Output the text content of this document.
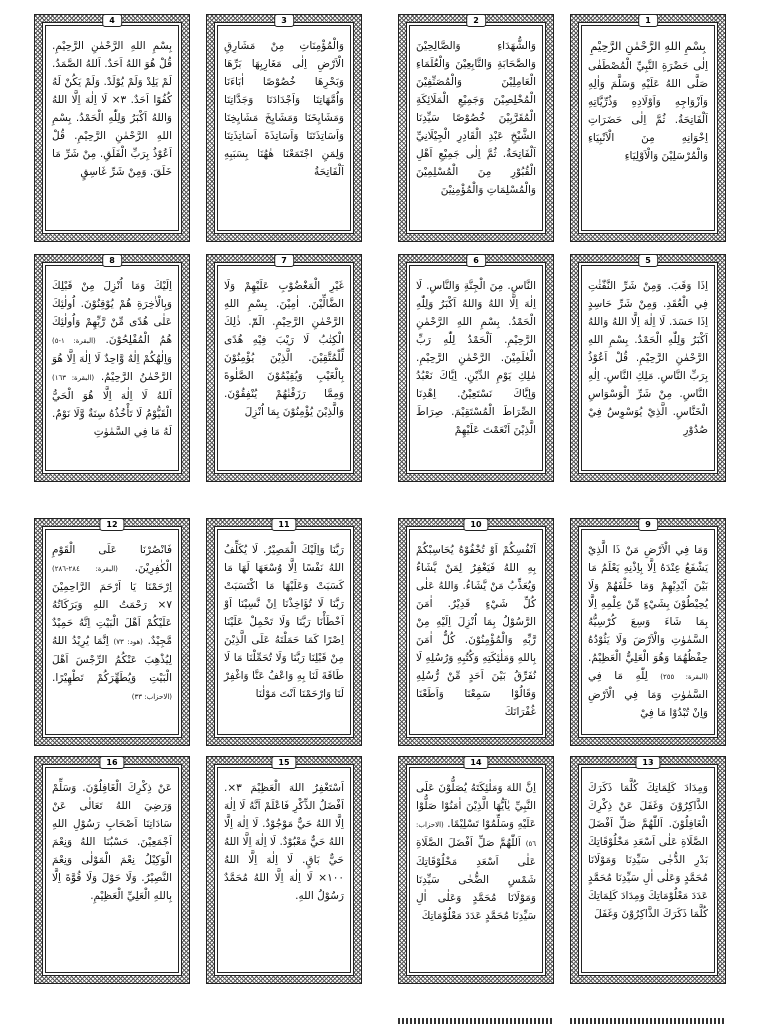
4
بِسْمِ اللهِ الرَّحْمٰنِ الرَّحِيْمِ. قُلْ هُوَ اللهُ اَحَدٌ. اَللهُ الصَّمَدُ. لَمْ يَلِدْ وَلَمْ يُوْلَدْ. وَلَمْ يَكُنْ لَهُ كُفُوًا اَحَدٌ. ٣× لَا اِلٰهَ اِلَّا اللهُ وَاللهُ اَكْبَرُ وَلِلّٰهِ الْحَمْدُ. بِسْمِ اللهِ الرَّحْمٰنِ الرَّحِيْمِ. قُلْ اَعُوْذُ بِرَبِّ الْفَلَقِ. مِنْ شَرِّ مَا خَلَقَ. وَمِنْ شَرِّ غَاسِقٍ
3
وَالْمُؤْمِنَاتِ مِنْ مَشَارِقِ الْاَرْضِ اِلٰى مَغَارِبِهَا بَرِّهَا وَبَحْرِهَا خُصُوْصًا اٰبَاءَنَا وَاُمَّهَاتِنَا وَاَجْدَادَنَا وَجَدَّاتِنَا وَمَشَايِخَنَا وَمَشَايِخَ مَشَايِخِنَا وَاَسَاتِذَتَنَا وَاَسَاتِذَةَ اَسَاتِذَتِنَا وَلِمَنِ اجْتَمَعْنَا هٰهُنَا بِسَبَبِهِ اَلْفَاتِحَةُ
2
وَالشُّهَدَاءِ وَالصَّالِحِيْنَ وَالصَّحَابَةِ وَالتَّابِعِيْنَ وَالْعُلَمَاءِ الْعَامِلِيْنَ وَالْمُصَنِّفِيْنَ الْمُخْلِصِيْنَ وَجَمِيْعِ الْمَلَائِكَةِ الْمُقَرَّبِيْنَ خُصُوْصًا سَيِّدِنَا الشَّيْخِ عَبْدِ الْقَادِرِ الْجِيْلَانِيِّ اَلْفَاتِحَةُ. ثُمَّ اِلٰى جَمِيْعِ اَهْلِ الْقُبُوْرِ مِنَ الْمُسْلِمِيْنَ وَالْمُسْلِمَاتِ وَالْمُؤْمِنِيْنَ
1
بِسْمِ اللهِ الرَّحْمٰنِ الرَّحِيْمِ
اِلٰى حَضْرَةِ النَّبِيِّ الْمُصْطَفٰى صَلَّى اللهُ عَلَيْهِ وَسَلَّمَ وَاٰلِهِ وَاَزْوَاجِهِ وَاَوْلَادِهِ وَذُرِّيَّاتِهِ اَلْفَاتِحَةُ. ثُمَّ اِلٰى حَضَرَاتِ اِخْوَانِهِ مِنَ الْاَنْبِيَاءِ وَالْمُرْسَلِيْنَ وَالْاَوْلِيَاءِ
8
اِلَيْكَ وَمَا اُنْزِلَ مِنْ قَبْلِكَ وَبِالْاٰخِرَةِ هُمْ يُوْقِنُوْنَ. اُولٰئِكَ عَلٰى هُدًى مِّنْ رَّبِّهِمْ وَاُولٰئِكَ هُمُ الْمُفْلِحُوْنَ. (البقرة: ١-٥) وَاِلٰهُكُمْ اِلٰهٌ وَّاحِدٌ لَا اِلٰهَ اِلَّا هُوَ الرَّحْمٰنُ الرَّحِيْمُ. (البقرة: ١٦٣) اَللهُ لَا اِلٰهَ اِلَّا هُوَ الْحَيُّ الْقَيُّوْمُ لَا تَأْخُذُهُ سِنَةٌ وَّلَا نَوْمٌ. لَهُ مَا فِي السَّمٰوٰتِ
7
غَيْرِ الْمَغْضُوْبِ عَلَيْهِمْ وَلَا الضَّالِّيْنَ. اٰمِيْنَ. بِسْمِ اللهِ الرَّحْمٰنِ الرَّحِيْمِ. الٓمّٓ. ذٰلِكَ الْكِتٰبُ لَا رَيْبَ فِيْهِ هُدًى لِّلْمُتَّقِيْنَ. الَّذِيْنَ يُؤْمِنُوْنَ بِالْغَيْبِ وَيُقِيْمُوْنَ الصَّلٰوةَ وَمِمَّا رَزَقْنٰهُمْ يُنْفِقُوْنَ. وَالَّذِيْنَ يُؤْمِنُوْنَ بِمَا اُنْزِلَ
6
النَّاسِ. مِنَ الْجِنَّةِ وَالنَّاسِ. لَا اِلٰهَ اِلَّا اللهُ وَاللهُ اَكْبَرُ وَلِلّٰهِ الْحَمْدُ. بِسْمِ اللهِ الرَّحْمٰنِ الرَّحِيْمِ. اَلْحَمْدُ لِلّٰهِ رَبِّ الْعٰلَمِيْنَ. الرَّحْمٰنِ الرَّحِيْمِ. مٰلِكِ يَوْمِ الدِّيْنِ. اِيَّاكَ نَعْبُدُ وَاِيَّاكَ نَسْتَعِيْنُ. اِهْدِنَا الصِّرَاطَ الْمُسْتَقِيْمَ. صِرَاطَ الَّذِيْنَ اَنْعَمْتَ عَلَيْهِمْ
5
اِذَا وَقَبَ. وَمِنْ شَرِّ النَّفّٰثٰتِ فِي الْعُقَدِ. وَمِنْ شَرِّ حَاسِدٍ اِذَا حَسَدَ. لَا اِلٰهَ اِلَّا اللهُ وَاللهُ اَكْبَرُ وَلِلّٰهِ الْحَمْدُ. بِسْمِ اللهِ الرَّحْمٰنِ الرَّحِيْمِ. قُلْ اَعُوْذُ بِرَبِّ النَّاسِ. مَلِكِ النَّاسِ. اِلٰهِ النَّاسِ. مِنْ شَرِّ الْوَسْوَاسِ الْخَنَّاسِ. الَّذِيْ يُوَسْوِسُ فِيْ صُدُوْرِ
12
فَانْصُرْنَا عَلَى الْقَوْمِ الْكٰفِرِيْنَ. (البقرة: ٢٨٤-٢٨٦) اِرْحَمْنَا يَا اَرْحَمَ الرَّاحِمِيْنَ ٧× رَحْمَتُ اللهِ وَبَرَكَاتُهُ عَلَيْكُمْ اَهْلَ الْبَيْتِ اِنَّهُ حَمِيْدٌ مَّجِيْدٌ. (هود: ٧٣) اِنَّمَا يُرِيْدُ اللهُ لِيُذْهِبَ عَنْكُمُ الرِّجْسَ اَهْلَ الْبَيْتِ وَيُطَهِّرَكُمْ تَطْهِيْرًا. (الاحزاب: ٣٣)
11
رَبَّنَا وَاِلَيْكَ الْمَصِيْرُ. لَا يُكَلِّفُ اللهُ نَفْسًا اِلَّا وُسْعَهَا لَهَا مَا كَسَبَتْ وَعَلَيْهَا مَا اكْتَسَبَتْ رَبَّنَا لَا تُؤَاخِذْنَا اِنْ نَّسِيْنَا اَوْ اَخْطَأْنَا رَبَّنَا وَلَا تَحْمِلْ عَلَيْنَا اِصْرًا كَمَا حَمَلْتَهُ عَلَى الَّذِيْنَ مِنْ قَبْلِنَا رَبَّنَا وَلَا تُحَمِّلْنَا مَا لَا طَاقَةَ لَنَا بِهِ وَاعْفُ عَنَّا وَاغْفِرْ لَنَا وَارْحَمْنَا اَنْتَ مَوْلٰنَا
10
اَنْفُسِكُمْ اَوْ تُخْفُوْهُ يُحَاسِبْكُمْ بِهِ اللهُ فَيَغْفِرُ لِمَنْ يَّشَاءُ وَيُعَذِّبُ مَنْ يَّشَاءُ. وَاللهُ عَلٰى كُلِّ شَيْءٍ قَدِيْرٌ. اٰمَنَ الرَّسُوْلُ بِمَا اُنْزِلَ اِلَيْهِ مِنْ رَّبِّهِ وَالْمُؤْمِنُوْنَ. كُلٌّ اٰمَنَ بِاللهِ وَمَلٰئِكَتِهِ وَكُتُبِهِ وَرُسُلِهِ لَا نُفَرِّقُ بَيْنَ اَحَدٍ مِّنْ رُّسُلِهِ وَقَالُوْا سَمِعْنَا وَاَطَعْنَا غُفْرَانَكَ
9
وَمَا فِي الْاَرْضِ مَنْ ذَا الَّذِيْ يَشْفَعُ عِنْدَهُ اِلَّا بِاِذْنِهِ يَعْلَمُ مَا بَيْنَ اَيْدِيْهِمْ وَمَا خَلْفَهُمْ وَلَا يُحِيْطُوْنَ بِشَيْءٍ مِّنْ عِلْمِهِ اِلَّا بِمَا شَاءَ وَسِعَ كُرْسِيُّهُ السَّمٰوٰتِ وَالْاَرْضَ وَلَا يَئُوْدُهُ حِفْظُهُمَا وَهُوَ الْعَلِيُّ الْعَظِيْمُ. (البقرة: ٢٥٥) لِلّٰهِ مَا فِي السَّمٰوٰتِ وَمَا فِي الْاَرْضِ وَاِنْ تُبْدُوْا مَا فِيْ
16
عَنْ ذِكْرِكَ الْغَافِلُوْنَ. وَسَلِّمْ وَرَضِيَ اللهُ تَعَالٰى عَنْ سَادَاتِنَا اَصْحَابِ رَسُوْلِ اللهِ اَجْمَعِيْنَ. حَسْبُنَا اللهُ وَنِعْمَ الْوَكِيْلُ نِعْمَ الْمَوْلٰى وَنِعْمَ النَّصِيْرُ. وَلَا حَوْلَ وَلَا قُوَّةَ اِلَّا بِاللهِ الْعَلِيِّ الْعَظِيْمِ.
15
اَسْتَغْفِرُ اللهَ الْعَظِيْمَ ٣×. اَفْضَلُ الذِّكْرِ فَاعْلَمْ اَنَّهُ لَا اِلٰهَ اِلَّا اللهُ حَيٌّ مَوْجُوْدٌ. لَا اِلٰهَ اِلَّا اللهُ حَيٌّ مَعْبُوْدٌ. لَا اِلٰهَ اِلَّا اللهُ حَيٌّ بَاقٍ. لَا اِلٰهَ اِلَّا اللهُ ١٠٠× لَا اِلٰهَ اِلَّا اللهُ مُحَمَّدٌ رَسُوْلُ اللهِ.
14
اِنَّ اللهَ وَمَلٰئِكَتَهُ يُصَلُّوْنَ عَلَى النَّبِيِّ يٰاَيُّهَا الَّذِيْنَ اٰمَنُوْا صَلُّوْا عَلَيْهِ وَسَلِّمُوْا تَسْلِيْمًا. (الاحزاب: ٥٦) اَللّٰهُمَّ صَلِّ اَفْضَلَ الصَّلَاةِ عَلٰى اَسْعَدِ مَخْلُوْقَاتِكَ شَمْسِ الضُّحٰى سَيِّدِنَا وَمَوْلَانَا مُحَمَّدٍ وَعَلٰى اٰلِ سَيِّدِنَا مُحَمَّدٍ عَدَدَ مَعْلُوْمَاتِكَ
13
وَمِدَادَ كَلِمَاتِكَ كُلَّمَا ذَكَرَكَ الذَّاكِرُوْنَ وَغَفَلَ عَنْ ذِكْرِكَ الْغَافِلُوْنَ. اَللّٰهُمَّ صَلِّ اَفْضَلَ الصَّلَاةِ عَلٰى اَسْعَدِ مَخْلُوْقَاتِكَ بَدْرِ الدُّجٰى سَيِّدِنَا وَمَوْلَانَا مُحَمَّدٍ وَعَلٰى اٰلِ سَيِّدِنَا مُحَمَّدٍ عَدَدَ مَعْلُوْمَاتِكَ وَمِدَادَ كَلِمَاتِكَ كُلَّمَا ذَكَرَكَ الذَّاكِرُوْنَ وَغَفَلَ
